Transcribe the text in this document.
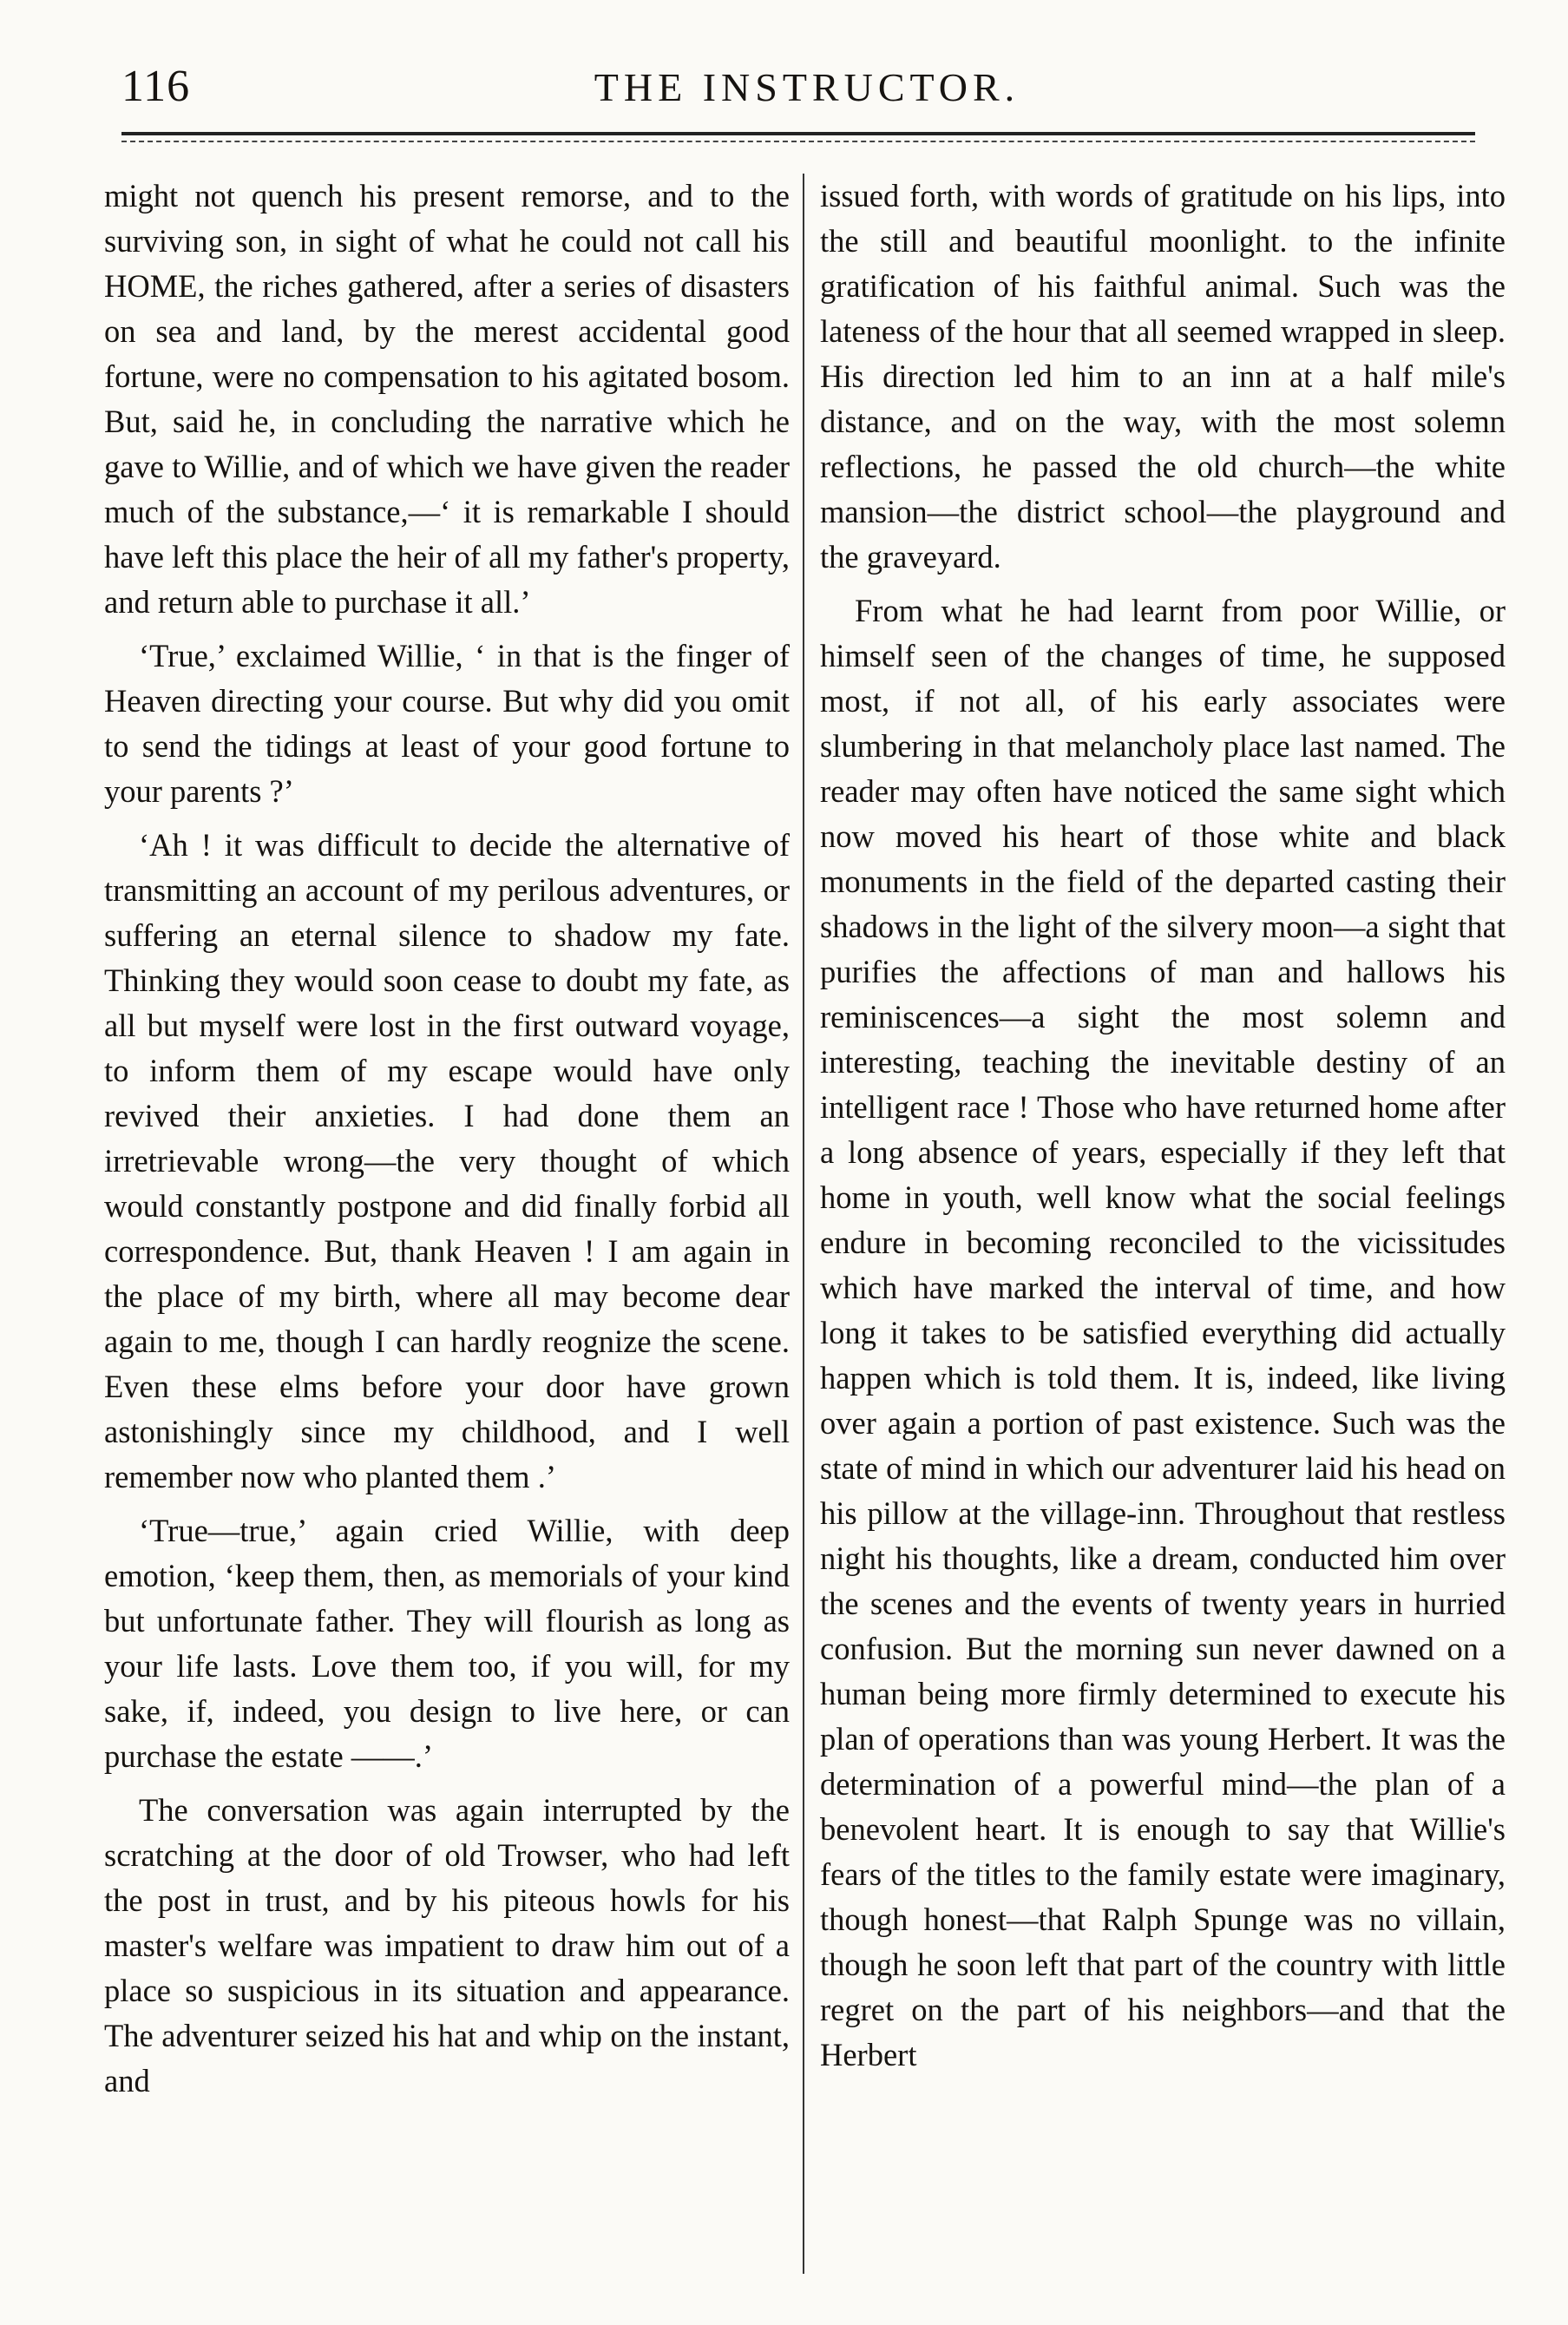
116	THE INSTRUCTOR.

might not quench his present remorse, and to the surviving son, in sight of what he could not call his HOME, the riches gathered, after a series of disasters on sea and land, by the merest accidental good fortune, were no compensation to his agitated bosom. But, said he, in concluding the narrative which he gave to Willie, and of which we have given the reader much of the substance,—‘ it is remarkable I should have left this place the heir of all my father's property, and return able to purchase it all.’

‘True,’ exclaimed Willie, ‘ in that is the finger of Heaven directing your course. But why did you omit to send the tidings at least of your good fortune to your parents ?’

‘Ah ! it was difficult to decide the alternative of transmitting an account of my perilous adventures, or suffering an eternal silence to shadow my fate. Thinking they would soon cease to doubt my fate, as all but myself were lost in the first outward voyage, to inform them of my escape would have only revived their anxieties. I had done them an irretrievable wrong—the very thought of which would constantly postpone and did finally forbid all correspondence. But, thank Heaven ! I am again in the place of my birth, where all may become dear again to me, though I can hardly reognize the scene. Even these elms before your door have grown astonishingly since my childhood, and I well remember now who planted them .’

‘True—true,’ again cried Willie, with deep emotion, ‘keep them, then, as memorials of your kind but unfortunate father. They will flourish as long as your life lasts. Love them too, if you will, for my sake, if, indeed, you design to live here, or can purchase the estate ——.’

The conversation was again interrupted by the scratching at the door of old Trowser, who had left the post in trust, and by his piteous howls for his master's welfare was impatient to draw him out of a place so suspicious in its situation and appearance. The adventurer seized his hat and whip on the instant, and

issued forth, with words of gratitude on his lips, into the still and beautiful moonlight. to the infinite gratification of his faithful animal. Such was the lateness of the hour that all seemed wrapped in sleep. His direction led him to an inn at a half mile's distance, and on the way, with the most solemn reflections, he passed the old church—the white mansion—the district school—the playground and the graveyard.

From what he had learnt from poor Willie, or himself seen of the changes of time, he supposed most, if not all, of his early associates were slumbering in that melancholy place last named. The reader may often have noticed the same sight which now moved his heart of those white and black monuments in the field of the departed casting their shadows in the light of the silvery moon—a sight that purifies the affections of man and hallows his reminiscences—a sight the most solemn and interesting, teaching the inevitable destiny of an intelligent race ! Those who have returned home after a long absence of years, especially if they left that home in youth, well know what the social feelings endure in becoming reconciled to the vicissitudes which have marked the interval of time, and how long it takes to be satisfied everything did actually happen which is told them. It is, indeed, like living over again a portion of past existence. Such was the state of mind in which our adventurer laid his head on his pillow at the village-inn. Throughout that restless night his thoughts, like a dream, conducted him over the scenes and the events of twenty years in hurried confusion. But the morning sun never dawned on a human being more firmly determined to execute his plan of operations than was young Herbert. It was the determination of a powerful mind—the plan of a benevolent heart. It is enough to say that Willie's fears of the titles to the family estate were imaginary, though honest—that Ralph Spunge was no villain, though he soon left that part of the country with little regret on the part of his neighbors—and that the Herbert
